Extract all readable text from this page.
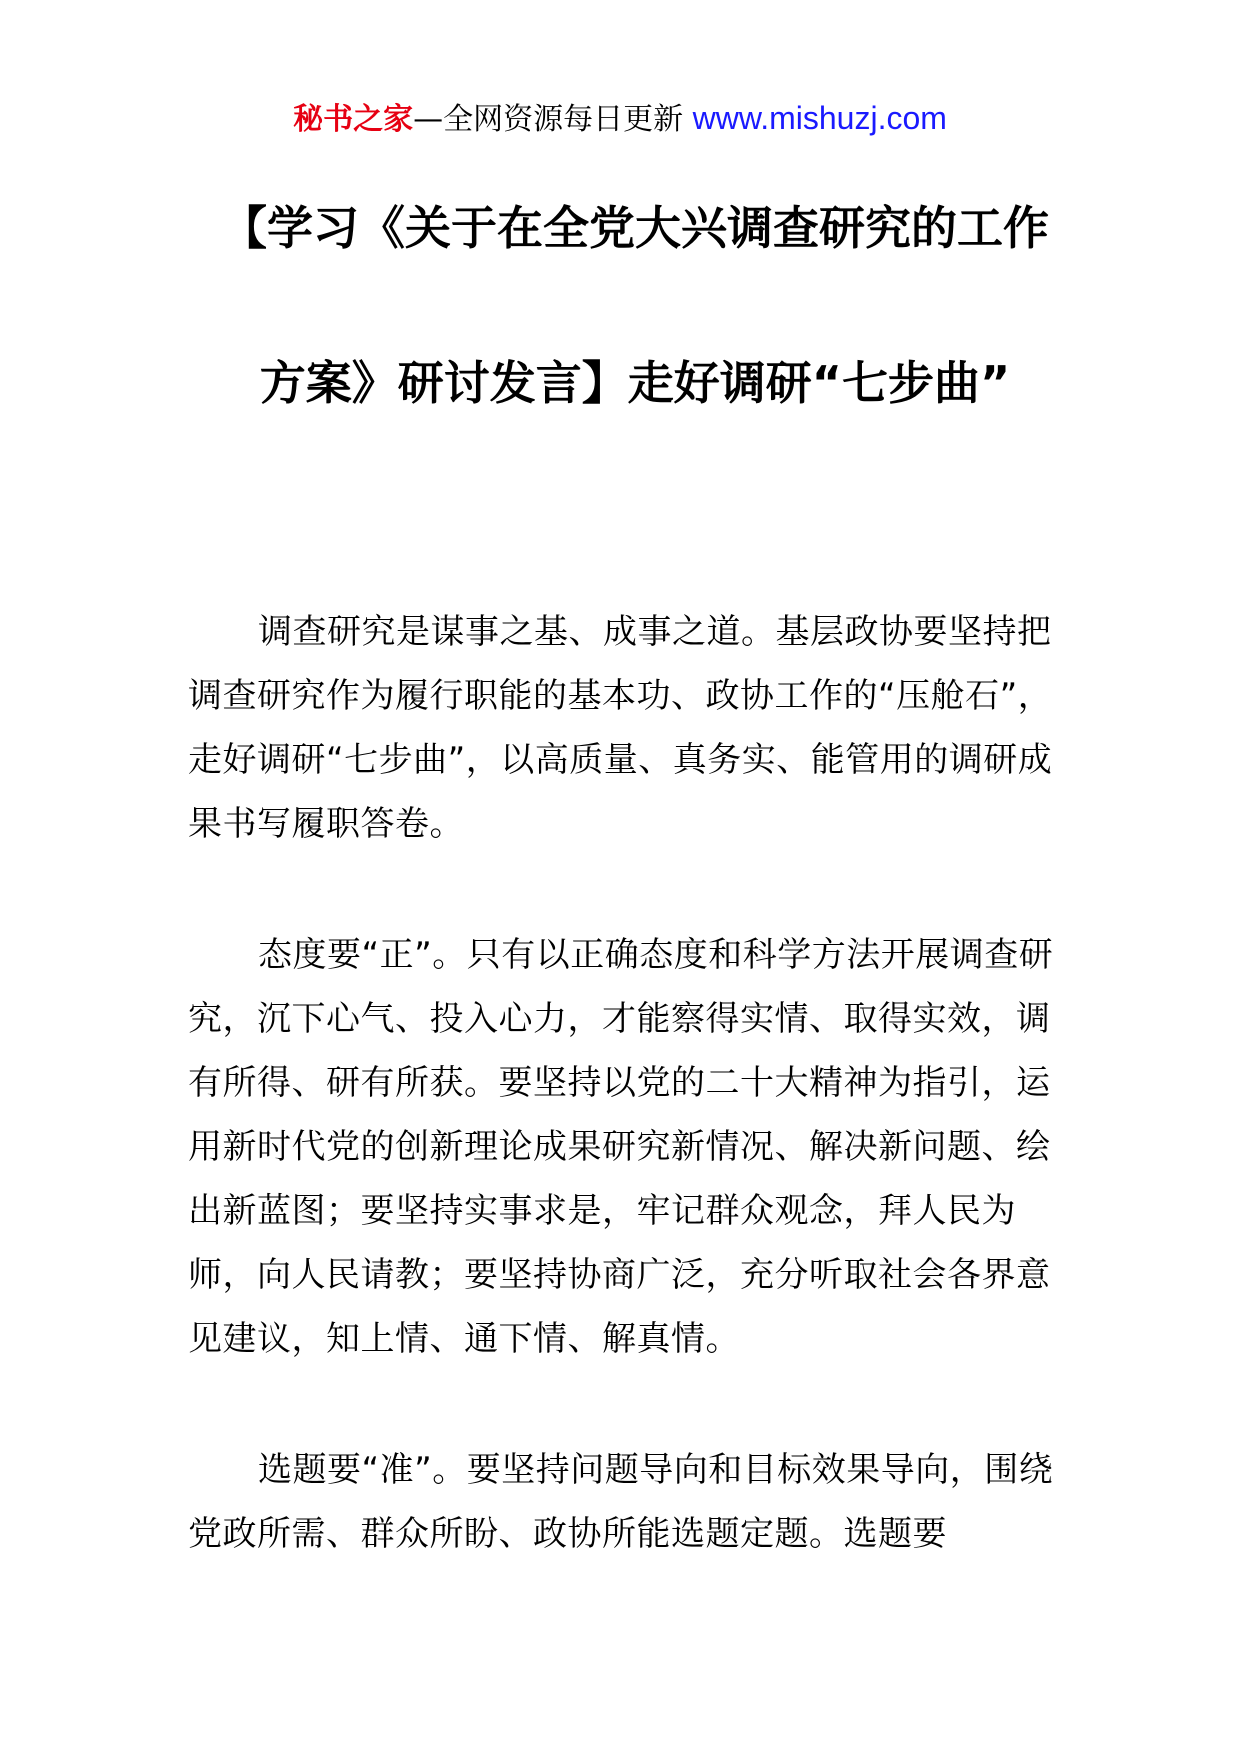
秘书之家—全网资源每日更新 www.mishuzj.com
【学习《关于在全党大兴调查研究的工作
方案》研讨发言】走好调研“七步曲”

调查研究是谋事之基、成事之道。基层政协要坚持把调查研究作为履行职能的基本功、政协工作的“压舱石”，走好调研“七步曲”，以高质量、真务实、能管用的调研成果书写履职答卷。

态度要“正”。只有以正确态度和科学方法开展调查研究，沉下心气、投入心力，才能察得实情、取得实效，调有所得、研有所获。要坚持以党的二十大精神为指引，运用新时代党的创新理论成果研究新情况、解决新问题、绘出新蓝图；要坚持实事求是，牢记群众观念，拜人民为师，向人民请教；要坚持协商广泛，充分听取社会各界意见建议，知上情、通下情、解真情。

选题要“准”。要坚持问题导向和目标效果导向，围绕党政所需、群众所盼、政协所能选题定题。选题要
